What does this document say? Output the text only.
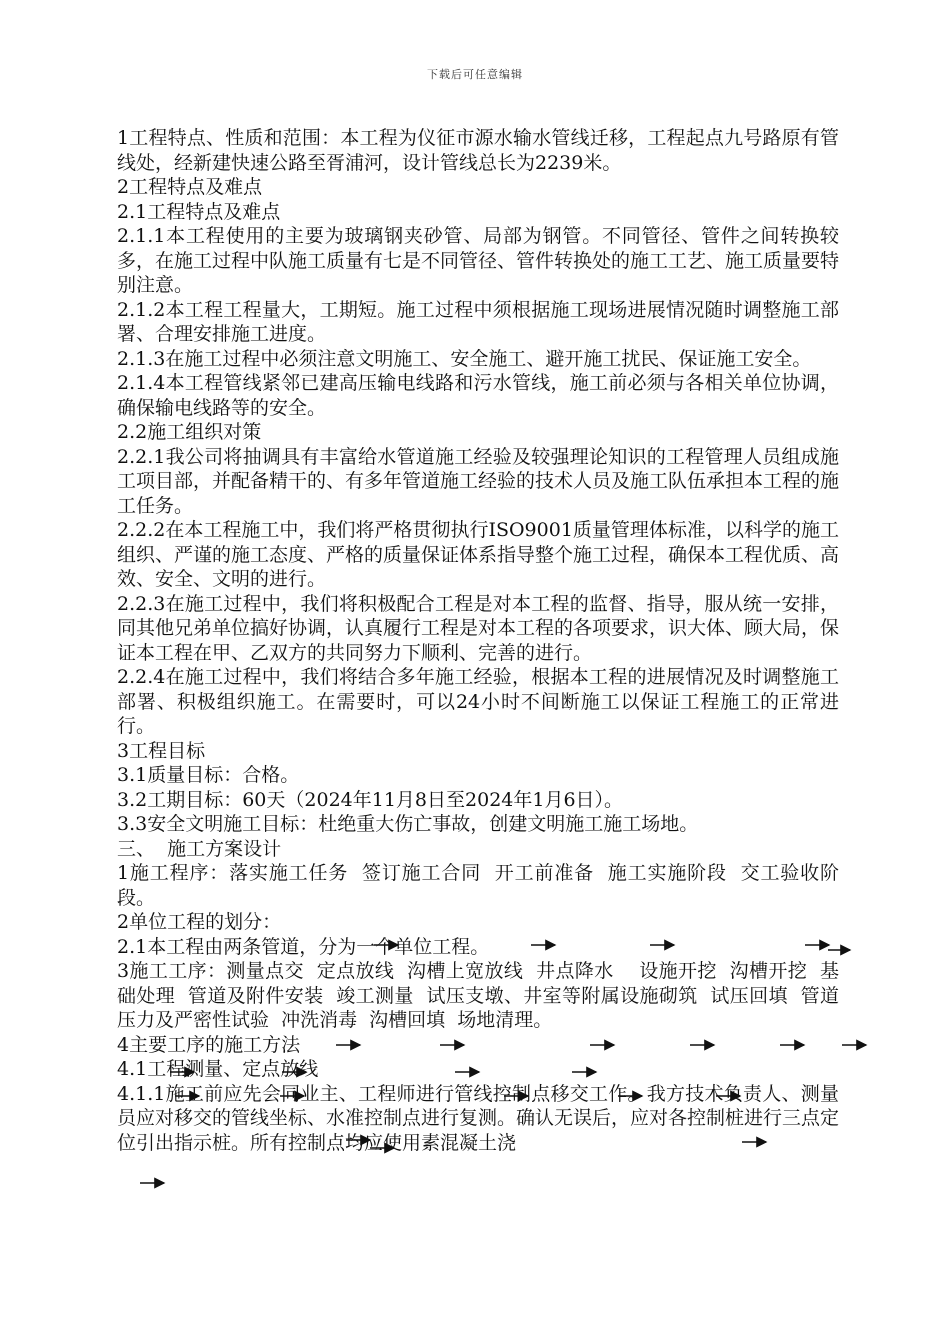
下载后可任意编辑

1工程特点、性质和范围：本工程为仪征市源水输水管线迁移，工程起点九号路原有管线处，经新建快速公路至胥浦河，设计管线总长为2239米。

2工程特点及难点

2.1工程特点及难点

2.1.1本工程使用的主要为玻璃钢夹砂管、局部为钢管。不同管径、管件之间转换较多，在施工过程中队施工质量有七是不同管径、管件转换处的施工工艺、施工质量要特别注意。

2.1.2本工程工程量大，工期短。施工过程中须根据施工现场进展情况随时调整施工部署、合理安排施工进度。

2.1.3在施工过程中必须注意文明施工、安全施工、避开施工扰民、保证施工安全。

2.1.4本工程管线紧邻已建高压输电线路和污水管线，施工前必须与各相关单位协调，确保输电线路等的安全。

2.2施工组织对策

2.2.1我公司将抽调具有丰富给水管道施工经验及较强理论知识的工程管理人员组成施工项目部，并配备精干的、有多年管道施工经验的技术人员及施工队伍承担本工程的施工任务。

2.2.2在本工程施工中，我们将严格贯彻执行ISO9001质量管理体标准，以科学的施工组织、严谨的施工态度、严格的质量保证体系指导整个施工过程，确保本工程优质、高效、安全、文明的进行。

2.2.3在施工过程中，我们将积极配合工程是对本工程的监督、指导，服从统一安排，同其他兄弟单位搞好协调，认真履行工程是对本工程的各项要求，识大体、顾大局，保证本工程在甲、乙双方的共同努力下顺利、完善的进行。

2.2.4在施工过程中，我们将结合多年施工经验，根据本工程的进展情况及时调整施工部署、积极组织施工。在需要时，可以24小时不间断施工以保证工程施工的正常进行。

3工程目标

3.1质量目标：合格。

3.2工期目标：60天（2024年11月8日至2024年1月6日）。

3.3安全文明施工目标：杜绝重大伤亡事故，创建文明施工施工场地。

三、  施工方案设计

1施工程序：落实施工任务  签订施工合同  开工前准备  施工实施阶段  交工验收阶段。

2单位工程的划分：

2.1本工程由两条管道，分为一个单位工程。

3施工工序：测量点交  定点放线  沟槽上宽放线  井点降水    设施开挖  沟槽开挖  基础处理  管道及附件安装  竣工测量  试压支墩、井室等附属设施砌筑  试压回填  管道压力及严密性试验  冲洗消毒  沟槽回填  场地清理。

4主要工序的施工方法

4.1工程测量、定点放线

4.1.1施工前应先会同业主、工程师进行管线控制点移交工作。我方技术负责人、测量员应对移交的管线坐标、水准控制点进行复测。确认无误后，应对各控制桩进行三点定位引出指示桩。所有控制点均应使用素混凝土浇
